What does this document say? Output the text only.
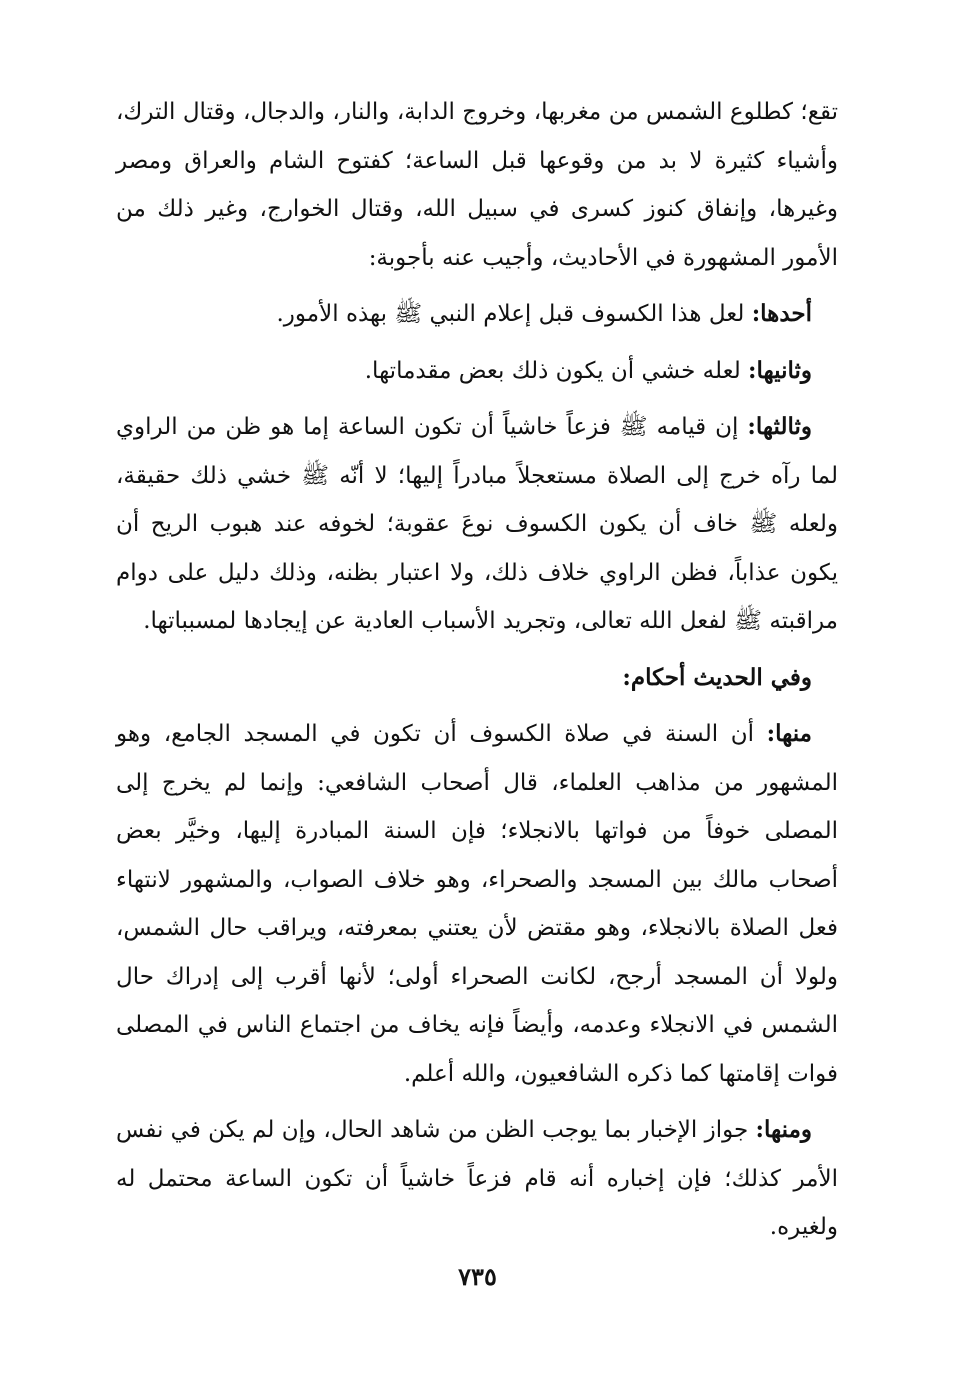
تقع؛ كطلوع الشمس من مغربها، وخروج الدابة، والنار، والدجال، وقتال الترك، وأشياء كثيرة لا بد من وقوعها قبل الساعة؛ كفتوح الشام والعراق ومصر وغيرها، وإنفاق كنوز كسرى في سبيل الله، وقتال الخوارج، وغير ذلك من الأمور المشهورة في الأحاديث، وأجيب عنه بأجوبة:

أحدها: لعل هذا الكسوف قبل إعلام النبي ﷺ بهذه الأمور.

وثانيها: لعله خشي أن يكون ذلك بعض مقدماتها.

وثالثها: إن قيامه ﷺ فزعاً خاشياً أن تكون الساعة إما هو ظن من الراوي لما رآه خرج إلى الصلاة مستعجلاً مبادراً إليها؛ لا أنّه ﷺ خشي ذلك حقيقة، ولعله ﷺ خاف أن يكون الكسوف نوعَ عقوبة؛ لخوفه عند هبوب الريح أن يكون عذاباً، فظن الراوي خلاف ذلك، ولا اعتبار بظنه، وذلك دليل على دوام مراقبته ﷺ لفعل الله تعالى، وتجريد الأسباب العادية عن إيجادها لمسبباتها.

وفي الحديث أحكام:

منها: أن السنة في صلاة الكسوف أن تكون في المسجد الجامع، وهو المشهور من مذاهب العلماء، قال أصحاب الشافعي: وإنما لم يخرج إلى المصلى خوفاً من فواتها بالانجلاء؛ فإن السنة المبادرة إليها، وخيَّر بعض أصحاب مالك بين المسجد والصحراء، وهو خلاف الصواب، والمشهور لانتهاء فعل الصلاة بالانجلاء، وهو مقتض لأن يعتني بمعرفته، ويراقب حال الشمس، ولولا أن المسجد أرجح، لكانت الصحراء أولى؛ لأنها أقرب إلى إدراك حال الشمس في الانجلاء وعدمه، وأيضاً فإنه يخاف من اجتماع الناس في المصلى فوات إقامتها كما ذكره الشافعيون، والله أعلم.

ومنها: جواز الإخبار بما يوجب الظن من شاهد الحال، وإن لم يكن في نفس الأمر كذلك؛ فإن إخباره أنه قام فزعاً خاشياً أن تكون الساعة محتمل له ولغيره.

٧٣٥
